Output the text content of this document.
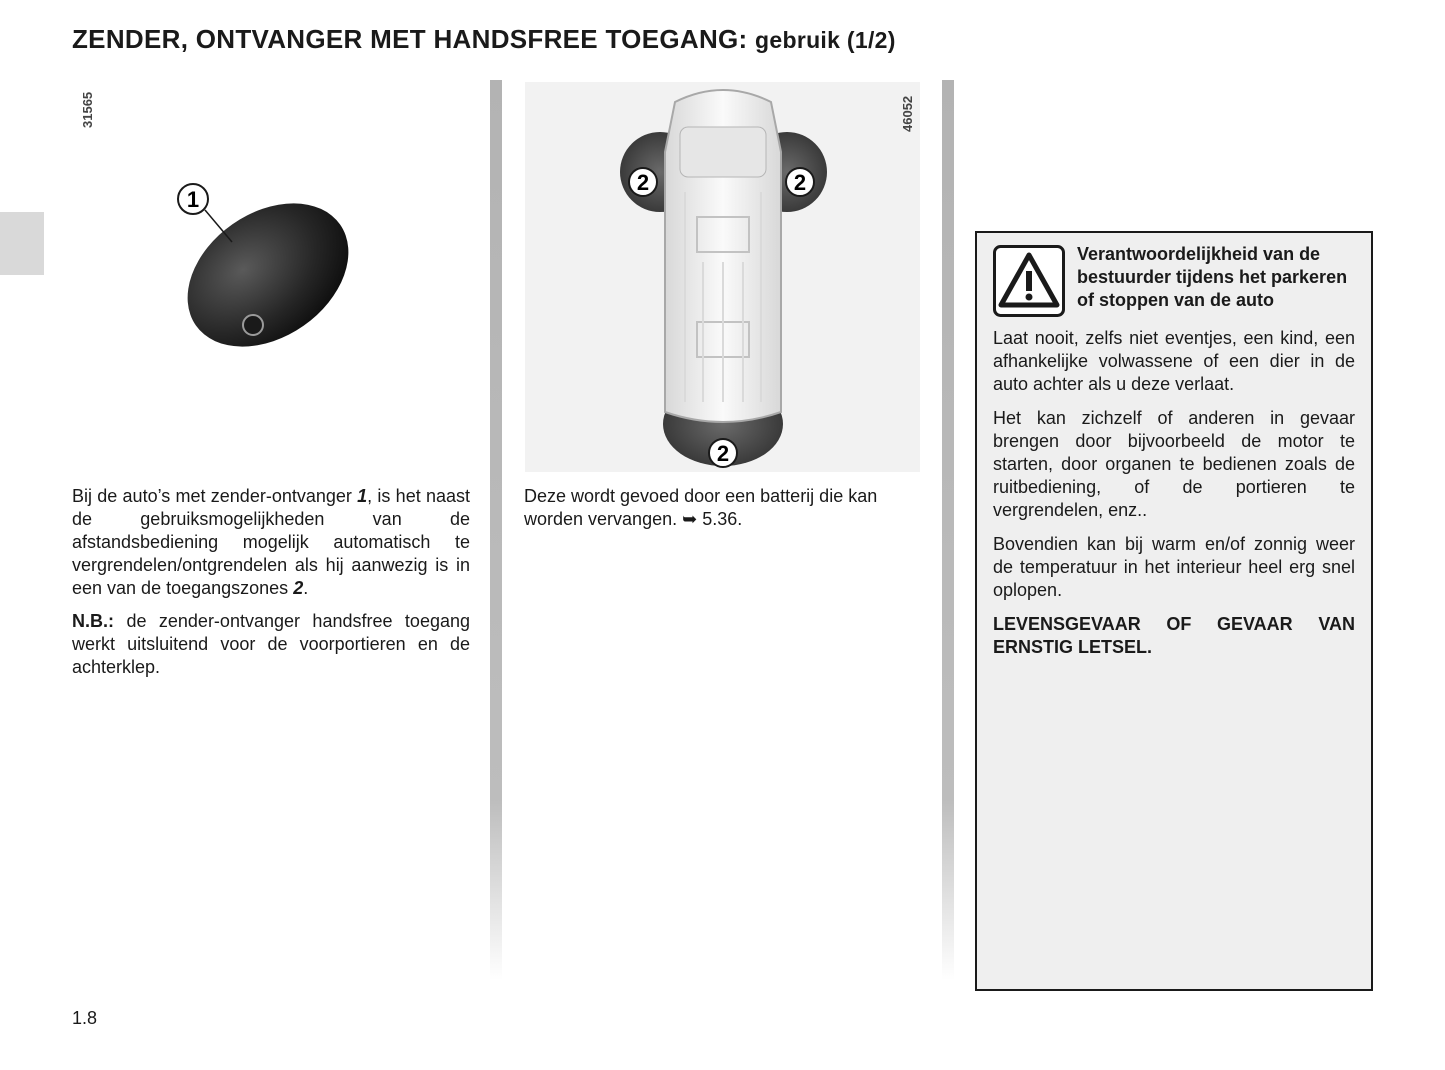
ZENDER, ONTVANGER MET HANDSFREE TOEGANG: gebruik (1/2)
31565
1
2	2
2
46052

Bij de auto’s met zender-ontvanger 1, is het naast de gebruiksmogelijkheden van de afstandsbediening mogelijk automatisch te vergrendelen/ontgrendelen als hij aanwezig is in een van de toegangszones 2.

N.B.: de zender-ontvanger handsfree toegang werkt uitsluitend voor de voorportieren en de achterklep.

Deze wordt gevoed door een batterij die kan worden vervangen. ➥ 5.36.

Verantwoordelijkheid van de bestuurder tijdens het parkeren of stoppen van de auto

Laat nooit, zelfs niet eventjes, een kind, een afhankelijke volwassene of een dier in de auto achter als u deze verlaat.

Het kan zichzelf of anderen in gevaar brengen door bijvoorbeeld de motor te starten, door organen te bedienen zoals de ruitbediening, of de portieren te vergrendelen, enz..

Bovendien kan bij warm en/of zonnig weer de temperatuur in het interieur heel erg snel oplopen.

LEVENSGEVAAR OF GEVAAR VAN ERNSTIG LETSEL.

1.8
